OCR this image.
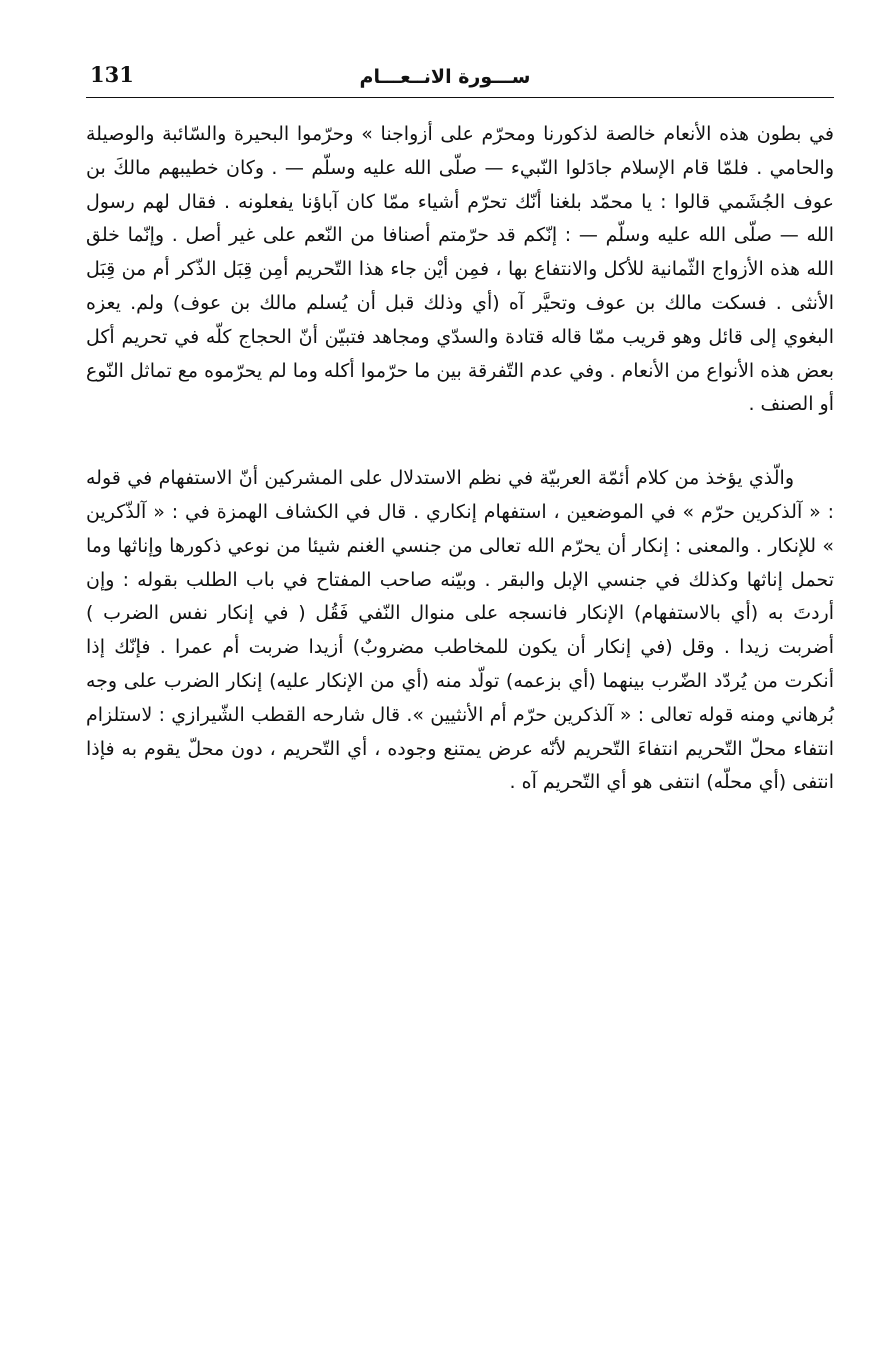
131	ســـورة الانــعـــام

في بطون هذه الأنعام خالصة لذكورنا ومحرّم على أزواجنا » وحرّموا البحيرة والسّائبة والوصيلة والحامي . فلمّا قام الإسلام جادَلوا النّبيء — صلّى الله عليه وسلّم — . وكان خطيبهم مالكَ بن عوف الجُشَمي قالوا : يا محمّد بلغنا أنّك تحرّم أشياء ممّا كان آباؤنا يفعلونه . فقال لهم رسول الله — صلّى الله عليه وسلّم — : إنّكم قد حرّمتم أصنافا من النّعم على غير أصل . وإنّما خلق الله هذه الأزواج الثّمانية للأكل والانتفاع بها ، فمِن أيْن جاء هذا التّحريم أمِن قِبَل الذّكر أم من قِبَل الأنثى . فسكت مالك بن عوف وتحيَّر آه (أي وذلك قبل أن يُسلم مالك بن عوف) ولم. يعزه البغوي إلى قائل وهو قريب ممّا قاله قتادة والسدّي ومجاهد فتبيّن أنّ الحجاج كلّه في تحريم أكل بعض هذه الأنواع من الأنعام . وفي عدم التّفرقة بين ما حرّموا أكله وما لم يحرّموه مع تماثل النّوع أو الصنف .

والّذي يؤخذ من كلام أئمّة العربيّة في نظم الاستدلال على المشركين أنّ الاستفهام في قوله : « آلذكرين حرّم » في الموضعين ، استفهام إنكاري . قال في الكشاف الهمزة في : « آلذّكرين » للإنكار . والمعنى : إنكار أن يحرّم الله تعالى من جنسي الغنم شيئا من نوعي ذكورها وإناثها وما تحمل إناثها وكذلك في جنسي الإبل والبقر . وبيّنه صاحب المفتاح في باب الطلب بقوله : وإن أردتَ به (أي بالاستفهام) الإنكار فانسجه على منوال النّفي فَقُل ( في إنكار نفس الضرب ) أضربت زيدا . وقل (في إنكار أن يكون للمخاطب مضروبٌ) أزيدا ضربت أم عمرا . فإنّك إذا أنكرت من يُردّد الضّرب بينهما (أي بزعمه) تولّد منه (أي من الإنكار عليه) إنكار الضرب على وجه بُرهاني ومنه قوله تعالى : « آلذكرين حرّم أم الأنثيين ». قال شارحه القطب الشّيرازي : لاستلزام انتفاء محلّ التّحريم انتفاءَ التّحريم لأنّه عرض يمتنع وجوده ، أي التّحريم ، دون محلّ يقوم به فإذا انتفى (أي محلّه) انتفى هو أي التّحريم آه .
